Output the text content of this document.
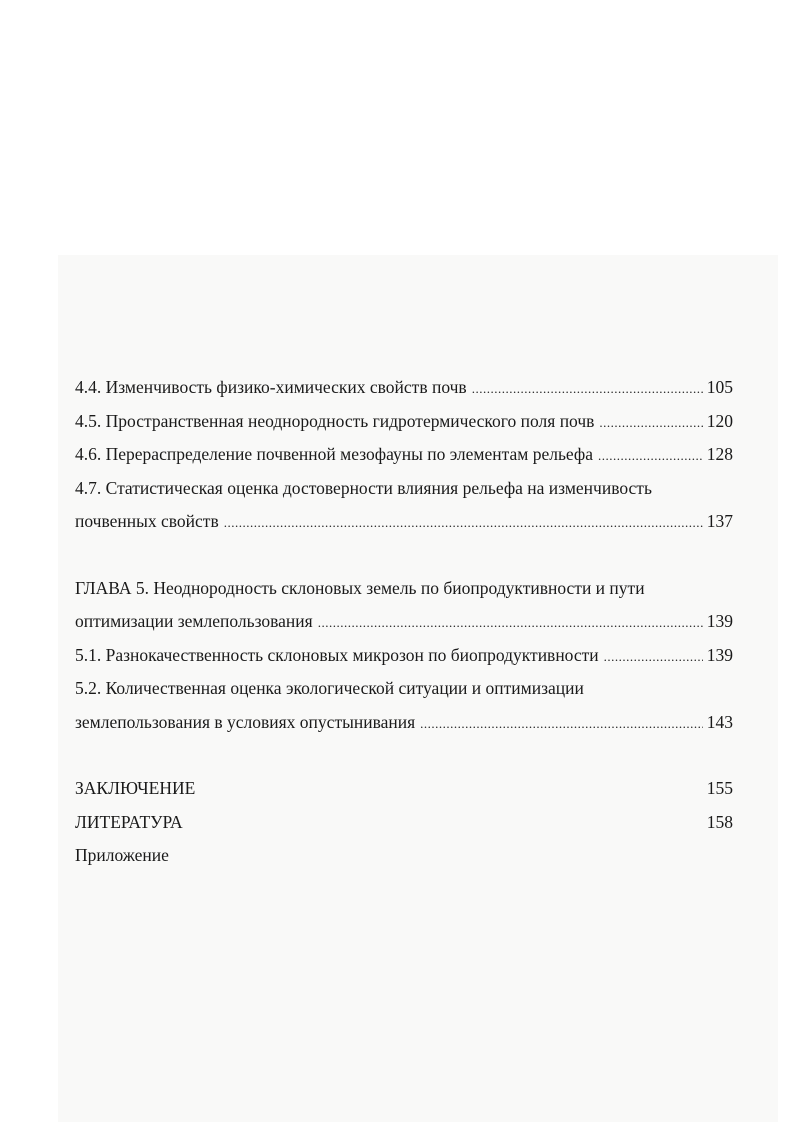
4.4. Изменчивость физико-химических свойств почв .....	105
4.5. Пространственная неоднородность гидротермического поля почв .....	120
4.6. Перераспределение почвенной мезофауны по элементам рельефа .....	128
4.7. Статистическая оценка достоверности влияния рельефа на изменчивость
почвенных свойств .....	137
ГЛАВА 5. Неоднородность склоновых земель по биопродуктивности и пути
оптимизации землепользования .....	139
5.1. Разнокачественность склоновых микрозон по биопродуктивности .....	139
5.2. Количественная оценка экологической ситуации и оптимизации
землепользования в условиях опустынивания .....	143
ЗАКЛЮЧЕНИЕ	155
ЛИТЕРАТУРА	158
Приложение
